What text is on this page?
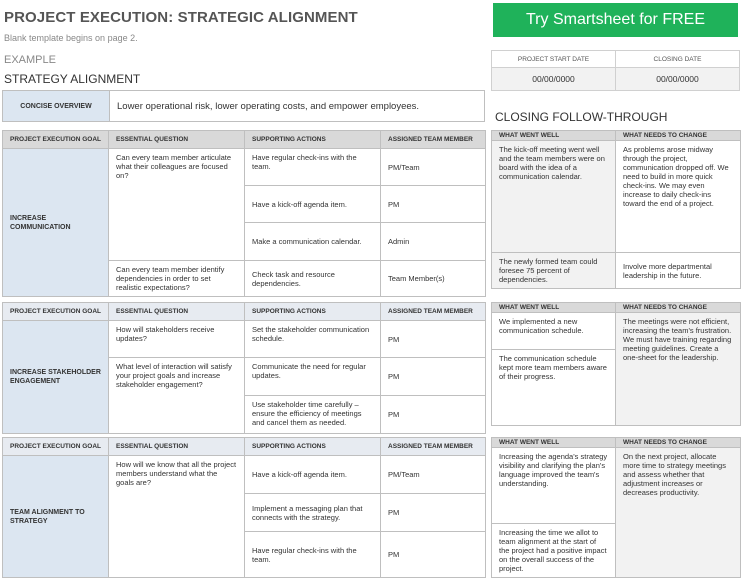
PROJECT EXECUTION: STRATEGIC ALIGNMENT
Blank template begins on page 2.
EXAMPLE
STRATEGY ALIGNMENT
Try Smartsheet for FREE
PROJECT START DATE	CLOSING DATE
00/00/0000	00/00/0000
CONCISE OVERVIEW	Lower operational risk, lower operating costs, and empower employees.
CLOSING FOLLOW-THROUGH
PROJECT EXECUTION GOAL	ESSENTIAL QUESTION	SUPPORTING ACTIONS	ASSIGNED TEAM MEMBER
INCREASE COMMUNICATION	Can every team member articulate what their colleagues are focused on?	Have regular check-ins with the team.	PM/Team
		Have a kick-off agenda item.	PM
		Make a communication calendar.	Admin
	Can every team member identify dependencies in order to set realistic expectations?	Check task and resource dependencies.	Team Member(s)
PROJECT EXECUTION GOAL	ESSENTIAL QUESTION	SUPPORTING ACTIONS	ASSIGNED TEAM MEMBER
INCREASE STAKEHOLDER ENGAGEMENT	How will stakeholders receive updates?	Set the stakeholder communication schedule.	PM
	What level of interaction will satisfy your project goals and increase stakeholder engagement?	Communicate the need for regular updates.	PM
		Use stakeholder time carefully – ensure the efficiency of meetings and cancel them as needed.	PM
PROJECT EXECUTION GOAL	ESSENTIAL QUESTION	SUPPORTING ACTIONS	ASSIGNED TEAM MEMBER
TEAM ALIGNMENT TO STRATEGY	How will we know that all the project members understand what the goals are?	Have a kick-off agenda item.	PM/Team
		Implement a messaging plan that connects with the strategy.	PM
		Have regular check-ins with the team.	PM
WHAT WENT WELL	WHAT NEEDS TO CHANGE
The kick-off meeting went well and the team members were on board with the idea of a communication calendar.	As problems arose midway through the project, communication dropped off. We need to build in more quick check-ins. We may even increase to daily check-ins toward the end of a project.
The newly formed team could foresee 75 percent of dependencies.	Involve more departmental leadership in the future.
WHAT WENT WELL	WHAT NEEDS TO CHANGE
We implemented a new communication schedule.	The meetings were not efficient, increasing the team's frustration. We must have training regarding meeting guidelines. Create a one-sheet for the leadership.
The communication schedule kept more team members aware of their progress.	
WHAT WENT WELL	WHAT NEEDS TO CHANGE
Increasing the agenda's strategy visibility and clarifying the plan's language improved the team's understanding.	On the next project, allocate more time to strategy meetings and assess whether that adjustment increases or decreases productivity.
Increasing the time we allot to team alignment at the start of the project had a positive impact on the overall success of the project.	
